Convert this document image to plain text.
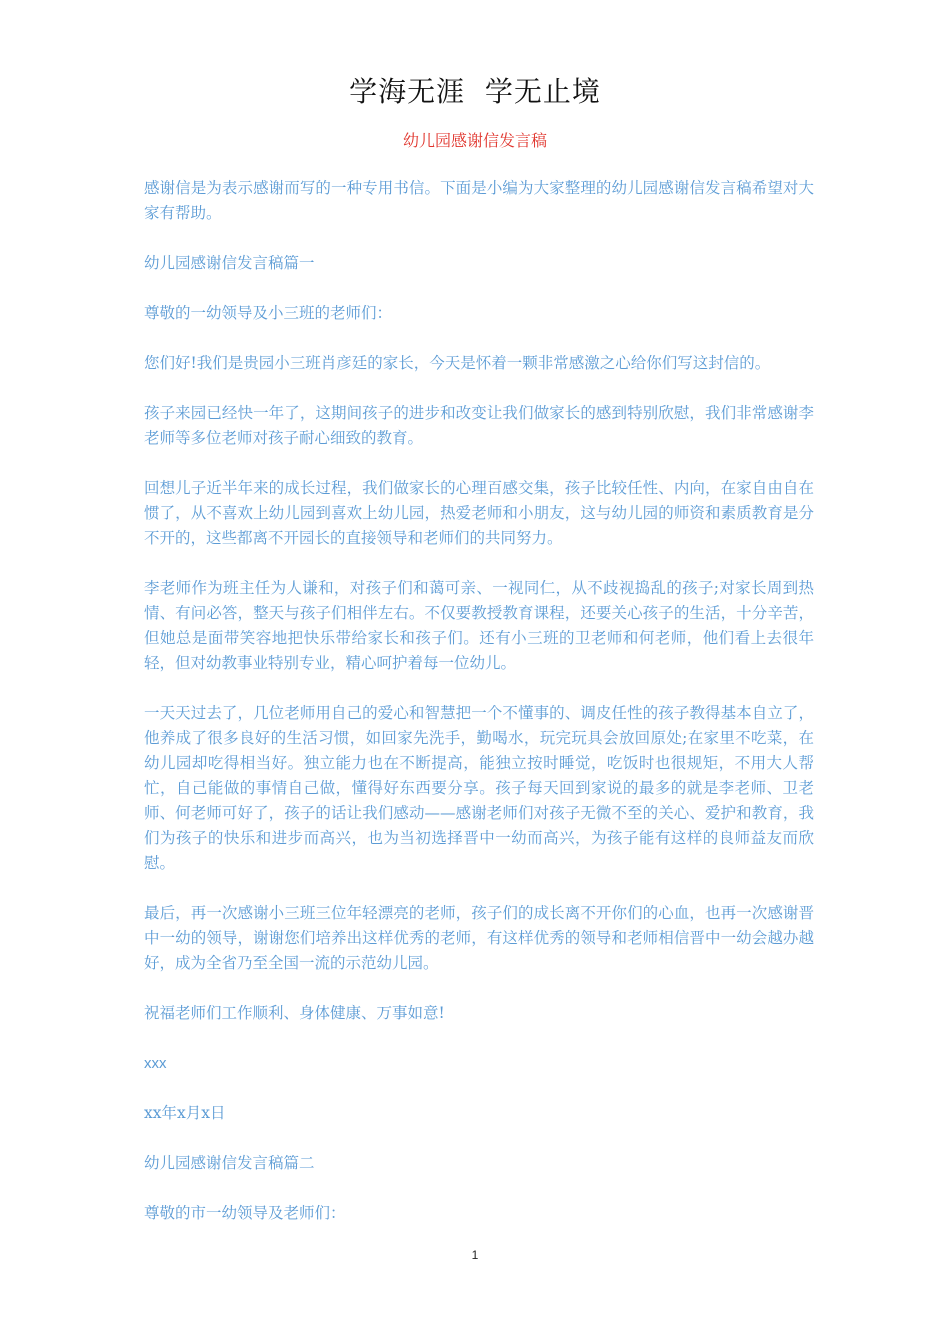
学海无涯  学无止境
幼儿园感谢信发言稿

感谢信是为表示感谢而写的一种专用书信。下面是小编为大家整理的幼儿园感谢信发言稿希望对大家有帮助。

幼儿园感谢信发言稿篇一

尊敬的一幼领导及小三班的老师们：

您们好!我们是贵园小三班肖彦廷的家长，今天是怀着一颗非常感激之心给你们写这封信的。

孩子来园已经快一年了，这期间孩子的进步和改变让我们做家长的感到特别欣慰，我们非常感谢李老师等多位老师对孩子耐心细致的教育。

回想儿子近半年来的成长过程，我们做家长的心理百感交集，孩子比较任性、内向，在家自由自在惯了，从不喜欢上幼儿园到喜欢上幼儿园，热爱老师和小朋友，这与幼儿园的师资和素质教育是分不开的，这些都离不开园长的直接领导和老师们的共同努力。

李老师作为班主任为人谦和，对孩子们和蔼可亲、一视同仁，从不歧视捣乱的孩子;对家长周到热情、有问必答，整天与孩子们相伴左右。不仅要教授教育课程，还要关心孩子的生活，十分辛苦，但她总是面带笑容地把快乐带给家长和孩子们。还有小三班的卫老师和何老师，他们看上去很年轻，但对幼教事业特别专业，精心呵护着每一位幼儿。

一天天过去了，几位老师用自己的爱心和智慧把一个不懂事的、调皮任性的孩子教得基本自立了，他养成了很多良好的生活习惯，如回家先洗手，勤喝水，玩完玩具会放回原处;在家里不吃菜，在幼儿园却吃得相当好。独立能力也在不断提高，能独立按时睡觉，吃饭时也很规矩，不用大人帮忙，自己能做的事情自己做，懂得好东西要分享。孩子每天回到家说的最多的就是李老师、卫老师、何老师可好了，孩子的话让我们感动——感谢老师们对孩子无微不至的关心、爱护和教育，我们为孩子的快乐和进步而高兴，也为当初选择晋中一幼而高兴，为孩子能有这样的良师益友而欣慰。

最后，再一次感谢小三班三位年轻漂亮的老师，孩子们的成长离不开你们的心血，也再一次感谢晋中一幼的领导，谢谢您们培养出这样优秀的老师，有这样优秀的领导和老师相信晋中一幼会越办越好，成为全省乃至全国一流的示范幼儿园。

祝福老师们工作顺利、身体健康、万事如意!

xxx

xx年x月x日

幼儿园感谢信发言稿篇二

尊敬的市一幼领导及老师们：

1
